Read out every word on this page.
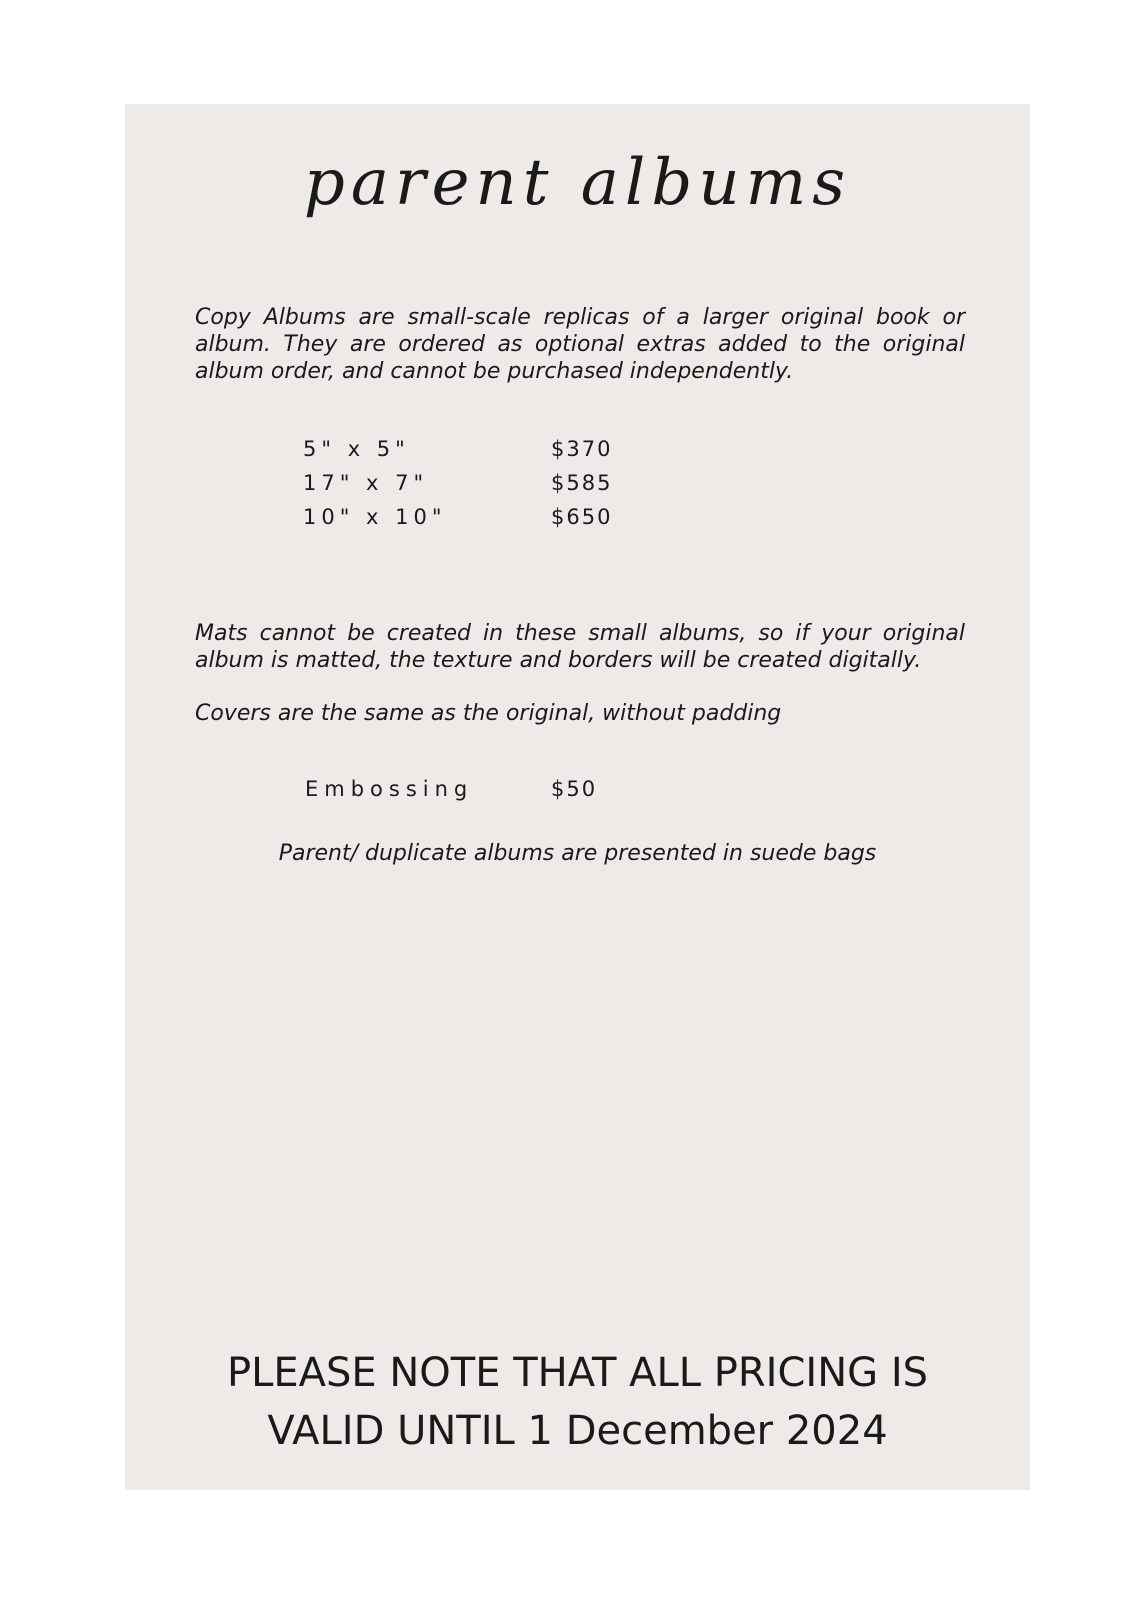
parent albums

Copy Albums are small-scale replicas of a larger original book or album. They are ordered as optional extras added to the original album order, and cannot be purchased independently.

5" x 5"	$370
17" x 7"	$585
10" x 10"	$650

Mats cannot be created in these small albums, so if your original album is matted, the texture and borders will be created digitally.

Covers are the same as the original, without padding

Embossing	$50

Parent/ duplicate albums are presented in suede bags

PLEASE NOTE THAT ALL PRICING IS
VALID UNTIL 1 December 2024
